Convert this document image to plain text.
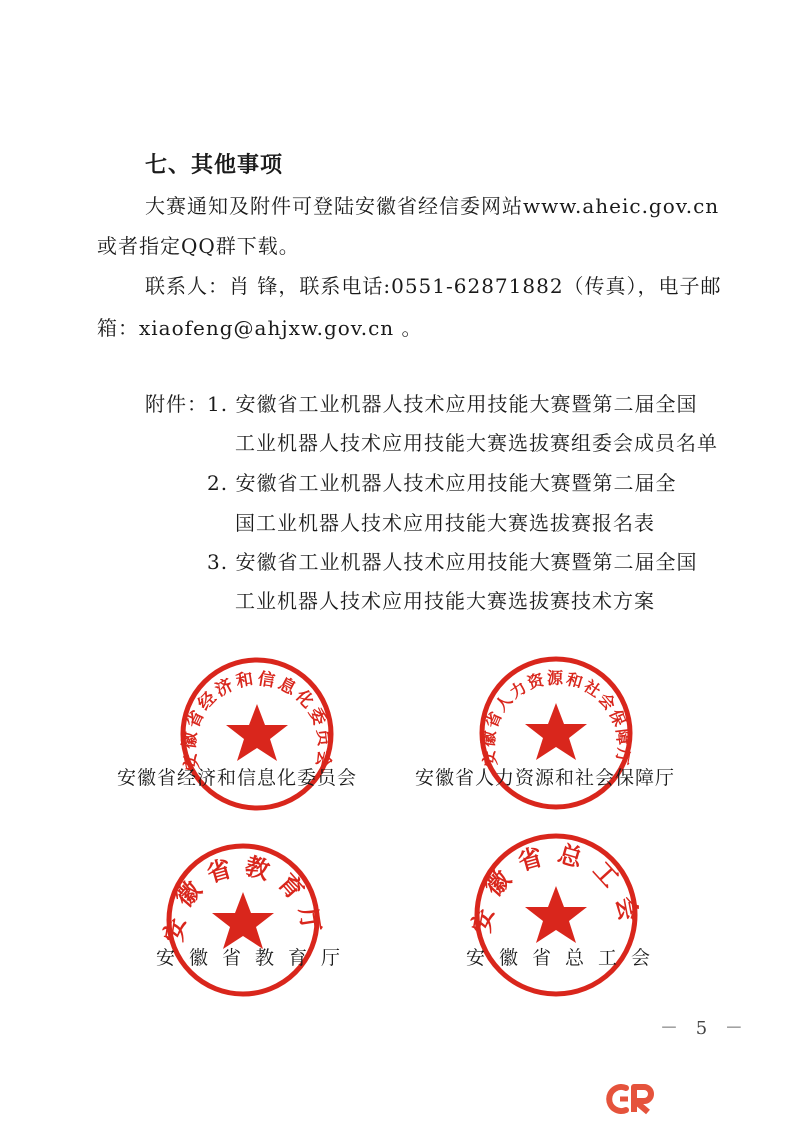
七、其他事项
大赛通知及附件可登陆安徽省经信委网站www.aheic.gov.cn
或者指定QQ群下载。
联系人：肖 锋，联系电话:0551-62871882（传真），电子邮
箱：xiaofeng@ahjxw.gov.cn 。
附件： 1. 安徽省工业机器人技术应用技能大赛暨第二届全国
工业机器人技术应用技能大赛选拔赛组委会成员名单
2. 安徽省工业机器人技术应用技能大赛暨第二届全
国工业机器人技术应用技能大赛选拔赛报名表
3. 安徽省工业机器人技术应用技能大赛暨第二届全国
工业机器人技术应用技能大赛选拔赛技术方案
安徽省经济和信息化委员会	安徽省人力资源和社会保障厅
安徽省教育厅	安徽省总工会
安徽省经济和信息化委员会	安徽省人力资源和社会保障厅
安徽省教育厅	安徽省总工会
－ 5 －
